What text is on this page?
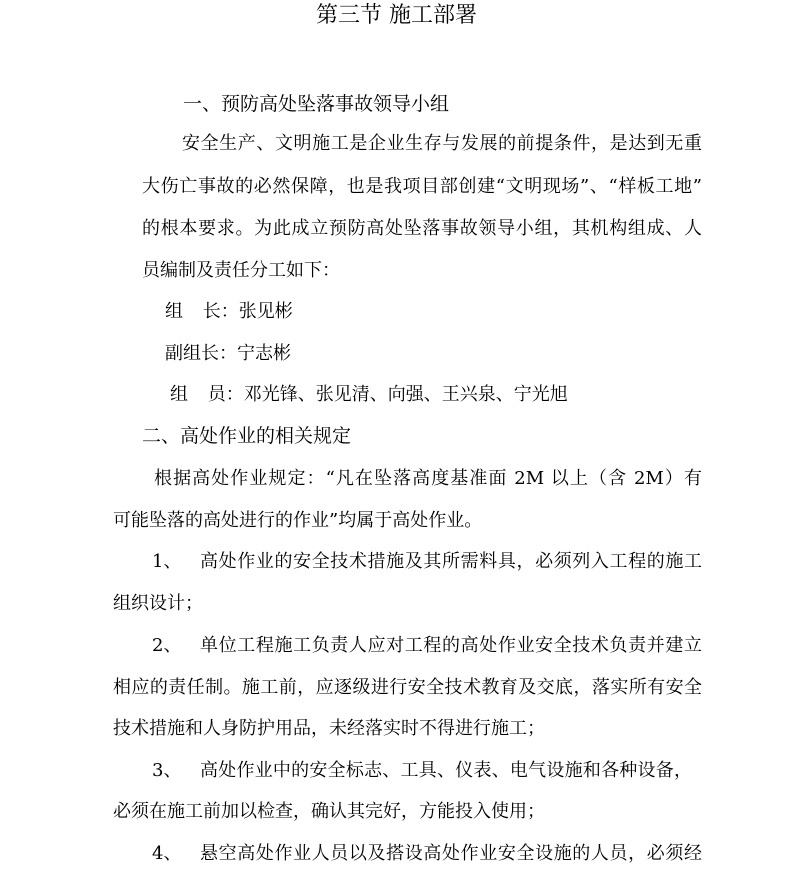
第三节 施工部署
一、预防高处坠落事故领导小组
安全生产、文明施工是企业生存与发展的前提条件，是达到无重
大伤亡事故的必然保障，也是我项目部创建“文明现场”、“样板工地”
的根本要求。为此成立预防高处坠落事故领导小组，其机构组成、人
员编制及责任分工如下：
组 长：张见彬
副组长：宁志彬
组 员：邓光锋、张见清、向强、王兴泉、宁光旭
二、高处作业的相关规定
根据高处作业规定：“凡在坠落高度基准面 2M 以上（含 2M）有
可能坠落的高处进行的作业”均属于高处作业。
1、 高处作业的安全技术措施及其所需料具，必须列入工程的施工
组织设计；
2、 单位工程施工负责人应对工程的高处作业安全技术负责并建立
相应的责任制。施工前，应逐级进行安全技术教育及交底，落实所有安全
技术措施和人身防护用品，未经落实时不得进行施工；
3、 高处作业中的安全标志、工具、仪表、电气设施和各种设备，
必须在施工前加以检查，确认其完好，方能投入使用；
4、 悬空高处作业人员以及搭设高处作业安全设施的人员，必须经
